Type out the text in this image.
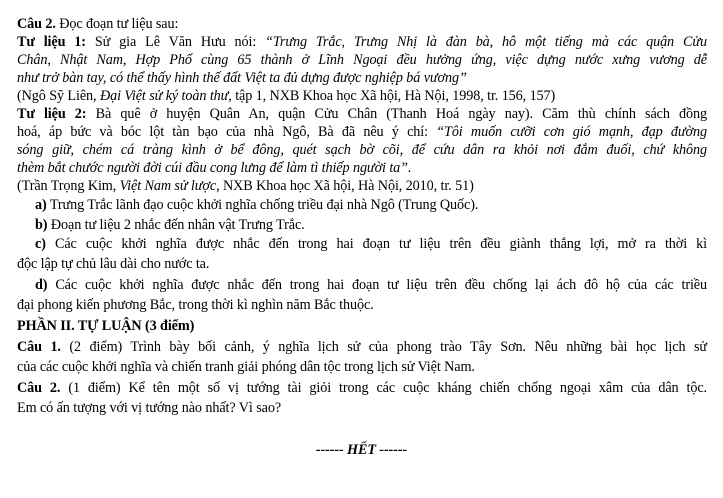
Câu 2. Đọc đoạn tư liệu sau:
Tư liệu 1: Sử gia Lê Văn Hưu nói: “Trưng Trắc, Trưng Nhị là đàn bà, hô một tiếng mà các quận Cửu
Chân, Nhật Nam, Hợp Phố cùng 65 thành ở Lĩnh Ngoại đều hưởng ứng, việc dựng nước xưng vương dễ
như trở bàn tay, có thể thấy hình thế đất Việt ta đủ dựng được nghiệp bá vương”
(Ngô Sỹ Liên, Đại Việt sử ký toàn thư, tập 1, NXB Khoa học Xã hội, Hà Nội, 1998, tr. 156, 157)
Tư liệu 2: Bà quê ở huyện Quân An, quận Cửu Chân (Thanh Hoá ngày nay). Căm thù chính sách đồng
hoá, áp bức và bóc lột tàn bạo của nhà Ngô, Bà đã nêu ý chí: “Tôi muốn cưỡi cơn gió mạnh, đạp đường
sóng giữ, chém cá tràng kình ở bể đông, quét sạch bờ cõi, để cứu dân ra khỏi nơi đắm đuối, chứ không
thèm bắt chước người đời cúi đầu cong lưng để làm tì thiếp người ta”.
(Trần Trọng Kim, Việt Nam sử lược, NXB Khoa học Xã hội, Hà Nội, 2010, tr. 51)
a) Trưng Trắc lãnh đạo cuộc khởi nghĩa chống triều đại nhà Ngô (Trung Quốc).
b) Đoạn tư liệu 2 nhắc đến nhân vật Trưng Trắc.
c) Các cuộc khởi nghĩa được nhắc đến trong hai đoạn tư liệu trên đều giành thắng lợi, mở ra thời kì
độc lập tự chủ lâu dài cho nước ta.
d) Các cuộc khởi nghĩa được nhắc đến trong hai đoạn tư liệu trên đều chống lại ách đô hộ của các triều
đại phong kiến phương Bắc, trong thời kì nghìn năm Bắc thuộc.
PHẦN II. TỰ LUẬN (3 điểm)
Câu 1. (2 điểm) Trình bày bối cảnh, ý nghĩa lịch sử của phong trào Tây Sơn. Nêu những bài học lịch sử
của các cuộc khởi nghĩa và chiến tranh giải phóng dân tộc trong lịch sử Việt Nam.
Câu 2. (1 điểm) Kể tên một số vị tướng tài giỏi trong các cuộc kháng chiến chống ngoại xâm của dân tộc.
Em có ấn tượng với vị tướng nào nhất? Vì sao?
------ HẾT ------
